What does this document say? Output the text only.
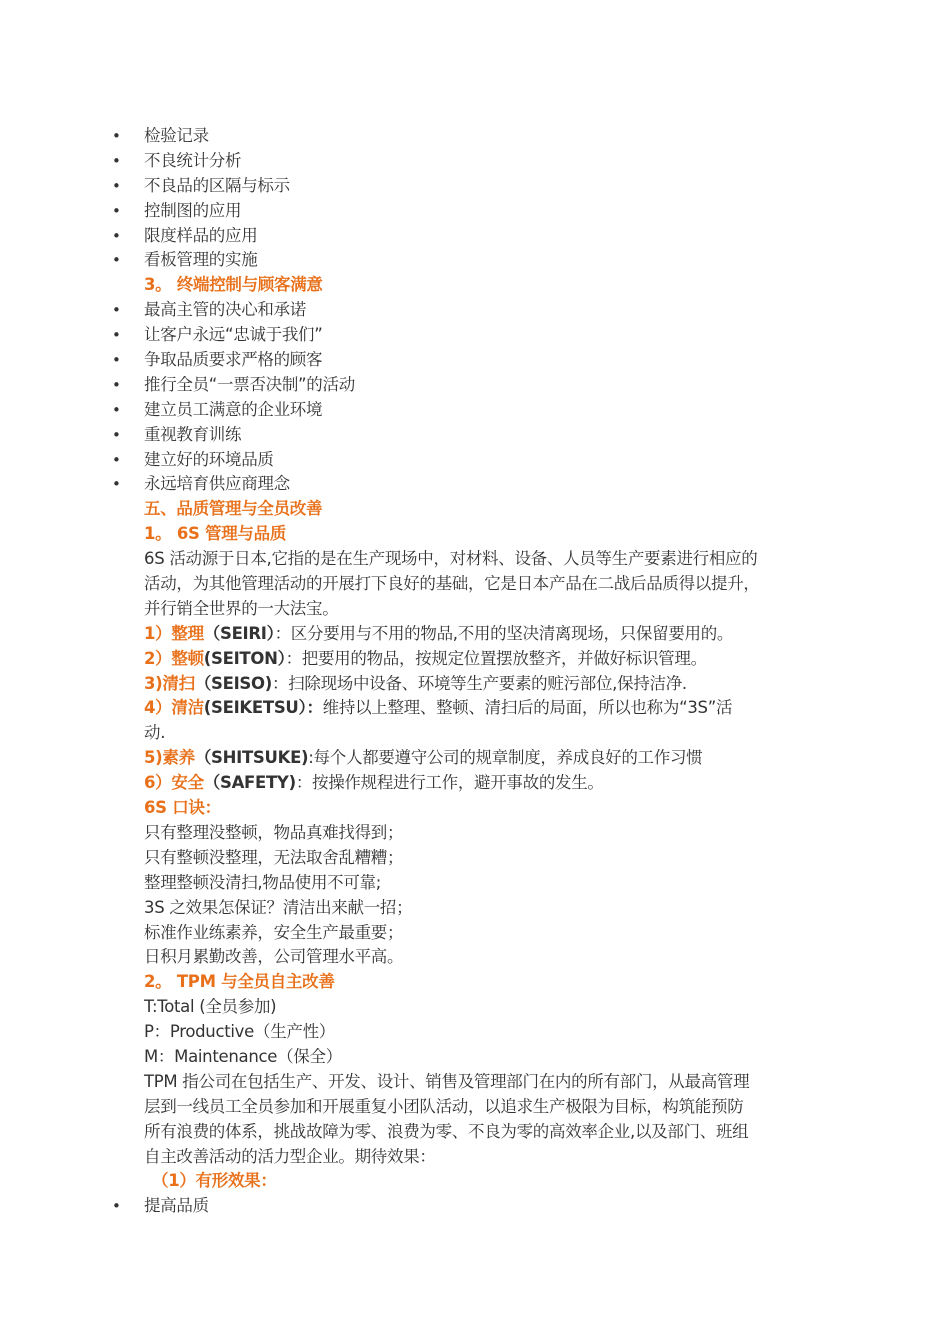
• 检验记录
• 不良统计分析
• 不良品的区隔与标示
• 控制图的应用
• 限度样品的应用
• 看板管理的实施
3。 终端控制与顾客满意
• 最高主管的决心和承诺
• 让客户永远“忠诚于我们”
• 争取品质要求严格的顾客
• 推行全员“一票否决制”的活动
• 建立员工满意的企业环境
• 重视教育训练
• 建立好的环境品质
• 永远培育供应商理念
五、品质管理与全员改善
1。 6S 管理与品质
6S 活动源于日本,它指的是在生产现场中，对材料、设备、人员等生产要素进行相应的
活动，为其他管理活动的开展打下良好的基础，它是日本产品在二战后品质得以提升，
并行销全世界的一大法宝。
1）整理（SEIRI）：区分要用与不用的物品,不用的坚决清离现场，只保留要用的。
2）整顿(SEITON）：把要用的物品，按规定位置摆放整齐，并做好标识管理。
3)清扫（SEISO)：扫除现场中设备、环境等生产要素的赃污部位,保持洁净.
4）清洁(SEIKETSU）：维持以上整理、整顿、清扫后的局面，所以也称为“3S”活
动.
5)素养（SHITSUKE):每个人都要遵守公司的规章制度，养成良好的工作习惯
6）安全（SAFETY)：按操作规程进行工作，避开事故的发生。
6S 口诀：
只有整理没整顿，物品真难找得到；
只有整顿没整理，无法取舍乱糟糟；
整理整顿没清扫,物品使用不可靠;
3S 之效果怎保证？清洁出来献一招；
标准作业练素养，安全生产最重要；
日积月累勤改善，公司管理水平高。
2。 TPM 与全员自主改善
T:Total (全员参加)
P：Productive（生产性）
M：Maintenance（保全）
TPM 指公司在包括生产、开发、设计、销售及管理部门在内的所有部门，从最高管理
层到一线员工全员参加和开展重复小团队活动，以追求生产极限为目标，构筑能预防
所有浪费的体系，挑战故障为零、浪费为零、不良为零的高效率企业,以及部门、班组
自主改善活动的活力型企业。期待效果：
（1）有形效果：
• 提高品质
